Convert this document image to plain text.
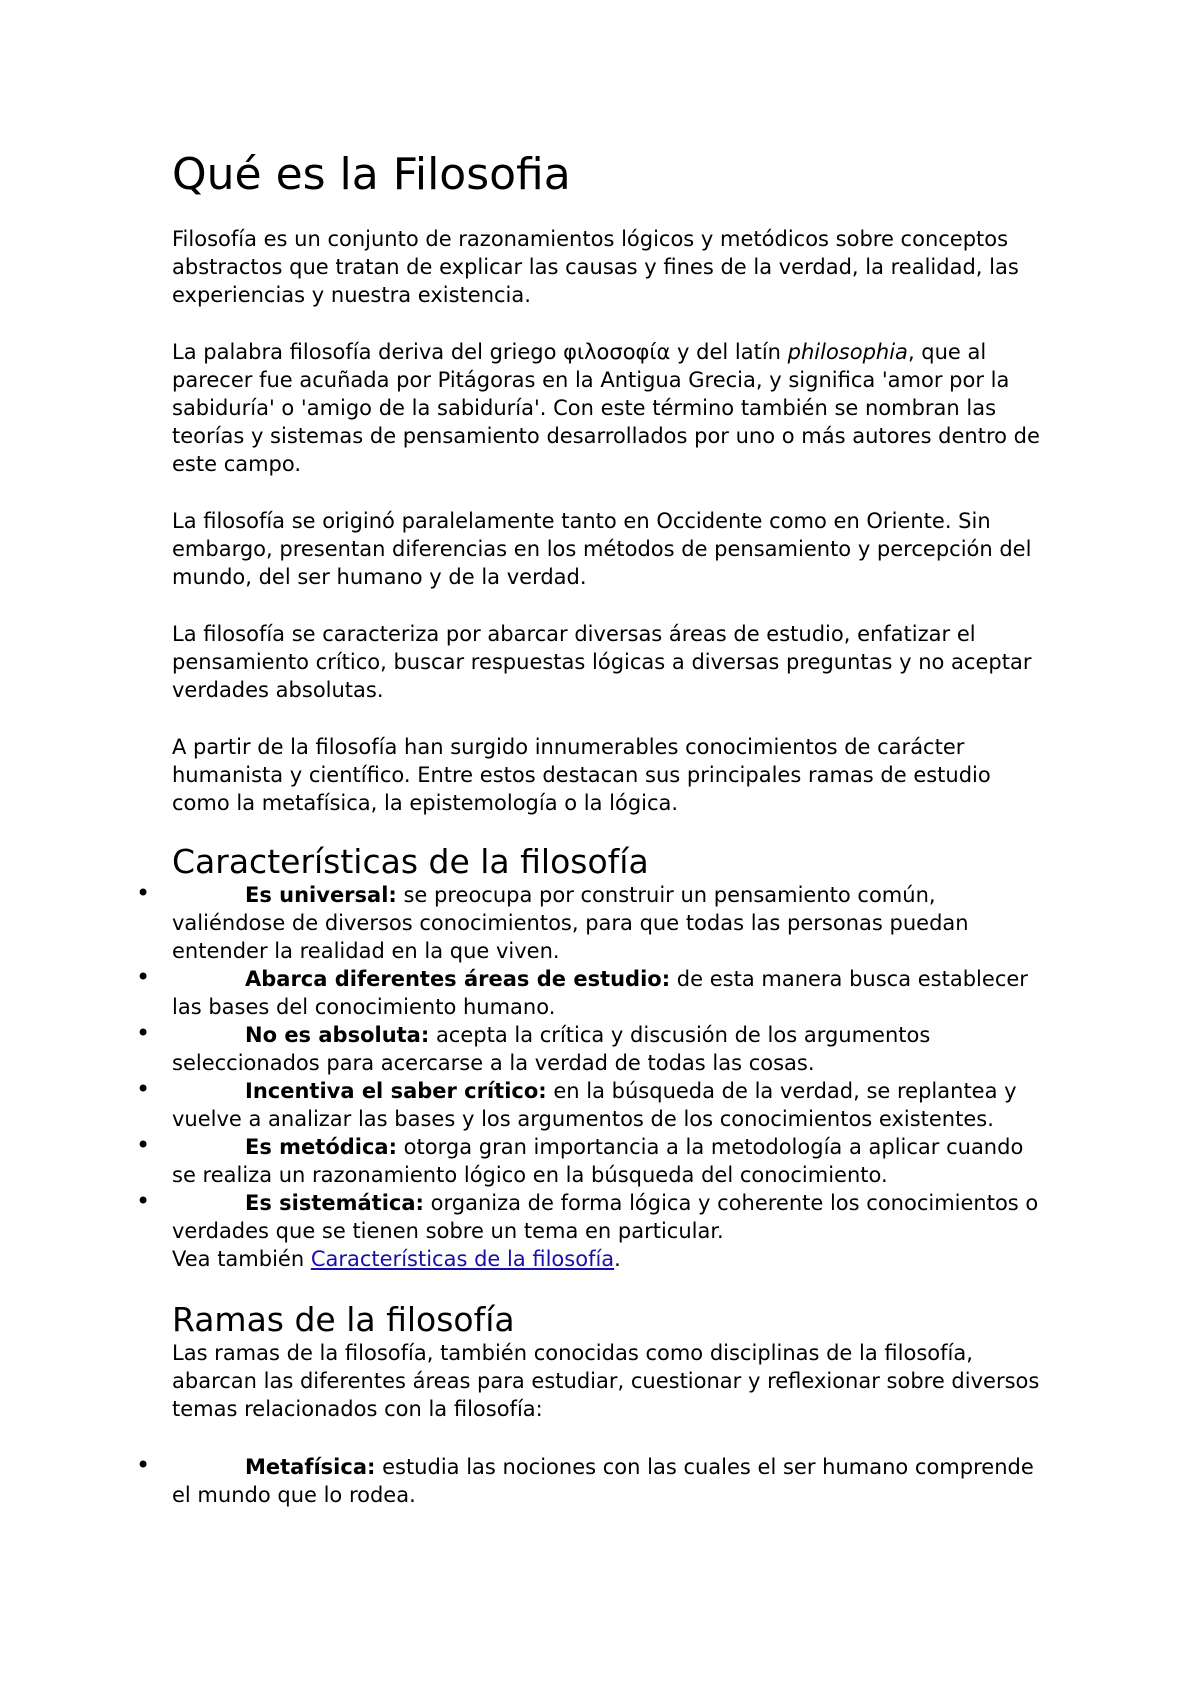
Qué es la Filosofia

Filosofía es un conjunto de razonamientos lógicos y metódicos sobre conceptos abstractos que tratan de explicar las causas y fines de la verdad, la realidad, las experiencias y nuestra existencia.

La palabra filosofía deriva del griego φιλοσοφία y del latín philosophia, que al parecer fue acuñada por Pitágoras en la Antigua Grecia, y significa 'amor por la sabiduría' o 'amigo de la sabiduría'. Con este término también se nombran las teorías y sistemas de pensamiento desarrollados por uno o más autores dentro de este campo.

La filosofía se originó paralelamente tanto en Occidente como en Oriente. Sin embargo, presentan diferencias en los métodos de pensamiento y percepción del mundo, del ser humano y de la verdad.

La filosofía se caracteriza por abarcar diversas áreas de estudio, enfatizar el pensamiento crítico, buscar respuestas lógicas a diversas preguntas y no aceptar verdades absolutas.

A partir de la filosofía han surgido innumerables conocimientos de carácter humanista y científico. Entre estos destacan sus principales ramas de estudio como la metafísica, la epistemología o la lógica.

Características de la filosofía
•	Es universal: se preocupa por construir un pensamiento común, valiéndose de diversos conocimientos, para que todas las personas puedan entender la realidad en la que viven.
•	Abarca diferentes áreas de estudio: de esta manera busca establecer las bases del conocimiento humano.
•	No es absoluta: acepta la crítica y discusión de los argumentos seleccionados para acercarse a la verdad de todas las cosas.
•	Incentiva el saber crítico: en la búsqueda de la verdad, se replantea y vuelve a analizar las bases y los argumentos de los conocimientos existentes.
•	Es metódica: otorga gran importancia a la metodología a aplicar cuando se realiza un razonamiento lógico en la búsqueda del conocimiento.
•	Es sistemática: organiza de forma lógica y coherente los conocimientos o verdades que se tienen sobre un tema en particular.

Vea también Características de la filosofía.

Ramas de la filosofía

Las ramas de la filosofía, también conocidas como disciplinas de la filosofía, abarcan las diferentes áreas para estudiar, cuestionar y reflexionar sobre diversos temas relacionados con la filosofía:

•	Metafísica: estudia las nociones con las cuales el ser humano comprende el mundo que lo rodea.
